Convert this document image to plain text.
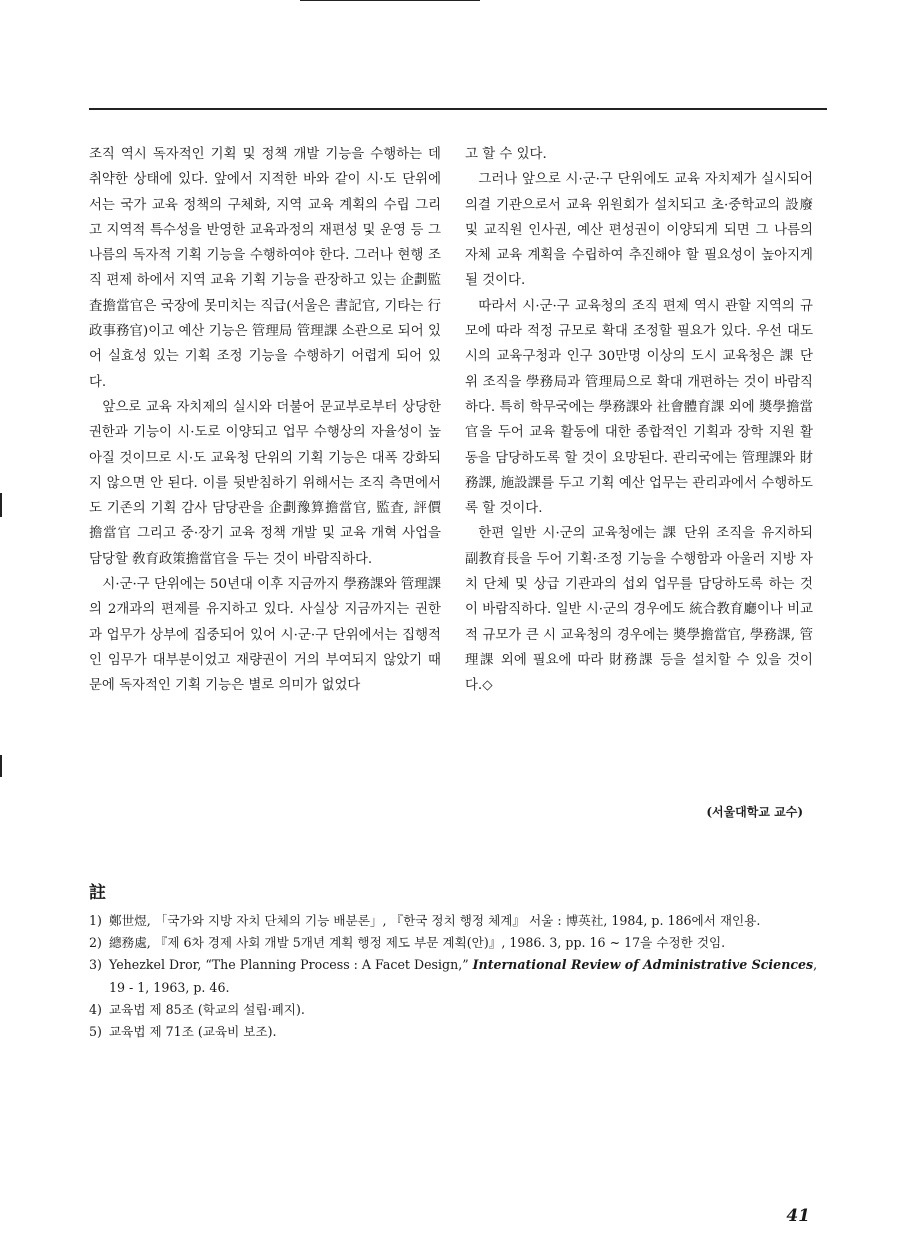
조직 역시 독자적인 기획 및 정책 개발 기능을 수행하는 데 취약한 상태에 있다. 앞에서 지적한 바와 같이 시·도 단위에서는 국가 교육 정책의 구체화, 지역 교육 계획의 수립 그리고 지역적 특수성을 반영한 교육과정의 재편성 및 운영 등 그나름의 독자적 기획 기능을 수행하여야 한다. 그러나 현행 조직 편제 하에서 지역 교육 기획 기능을 관장하고 있는 企劃監査擔當官은 국장에 못미치는 직급(서울은 書記官, 기타는 行政事務官)이고 예산 기능은 管理局 管理課 소관으로 되어 있어 실효성 있는 기획 조정 기능을 수행하기 어렵게 되어 있다.

앞으로 교육 자치제의 실시와 더불어 문교부로부터 상당한 권한과 기능이 시·도로 이양되고 업무 수행상의 자율성이 높아질 것이므로 시·도 교육청 단위의 기획 기능은 대폭 강화되지 않으면 안 된다. 이를 뒷받침하기 위해서는 조직 측면에서도 기존의 기획 감사 담당관을 企劃豫算擔當官, 監査, 評價擔當官 그리고 중·장기 교육 정책 개발 및 교육 개혁 사업을 담당할 敎育政策擔當官을 두는 것이 바람직하다.

시·군·구 단위에는 50년대 이후 지금까지 學務課와 管理課의 2개과의 편제를 유지하고 있다. 사실상 지금까지는 권한과 업무가 상부에 집중되어 있어 시·군·구 단위에서는 집행적인 임무가 대부분이었고 재량권이 거의 부여되지 않았기 때문에 독자적인 기획 기능은 별로 의미가 없었다

고 할 수 있다.

그러나 앞으로 시·군·구 단위에도 교육 자치제가 실시되어 의결 기관으로서 교육 위원회가 설치되고 초·중학교의 設廢 및 교직원 인사권, 예산 편성권이 이양되게 되면 그 나름의 자체 교육 계획을 수립하여 추진해야 할 필요성이 높아지게 될 것이다.

따라서 시·군·구 교육청의 조직 편제 역시 관할 지역의 규모에 따라 적정 규모로 확대 조정할 필요가 있다. 우선 대도시의 교육구청과 인구 30만명 이상의 도시 교육청은 課 단위 조직을 學務局과 管理局으로 확대 개편하는 것이 바람직하다. 특히 학무국에는 學務課와 社會體育課 외에 奬學擔當官을 두어 교육 활동에 대한 종합적인 기획과 장학 지원 활동을 담당하도록 할 것이 요망된다. 관리국에는 管理課와 財務課, 施設課를 두고 기획 예산 업무는 관리과에서 수행하도록 할 것이다.

한편 일반 시·군의 교육청에는 課 단위 조직을 유지하되 副教育長을 두어 기획·조정 기능을 수행함과 아울러 지방 자치 단체 및 상급 기관과의 섭외 업무를 담당하도록 하는 것이 바람직하다. 일반 시·군의 경우에도 統合教育廳이나 비교적 규모가 큰 시 교육청의 경우에는 奬學擔當官, 學務課, 管理課 외에 필요에 따라 財務課 등을 설치할 수 있을 것이다.◇

(서울대학교 교수)
註
1) 鄭世煜, 「국가와 지방 자치 단체의 기능 배분론」, 『한국 정치 행정 체계』 서울 : 博英社, 1984, p. 186에서 재인용.
2) 總務處, 『제 6차 경제 사회 개발 5개년 계획 행정 제도 부문 계획(안)』, 1986. 3, pp. 16 ~ 17을 수정한 것임.
3) Yehezkel Dror, “The Planning Process : A Facet Design,” International Review of Administrative Sciences, 19 - 1, 1963, p. 46.
4) 교육법 제 85조 (학교의 설립·폐지).
5) 교육법 제 71조 (교육비 보조).
41
